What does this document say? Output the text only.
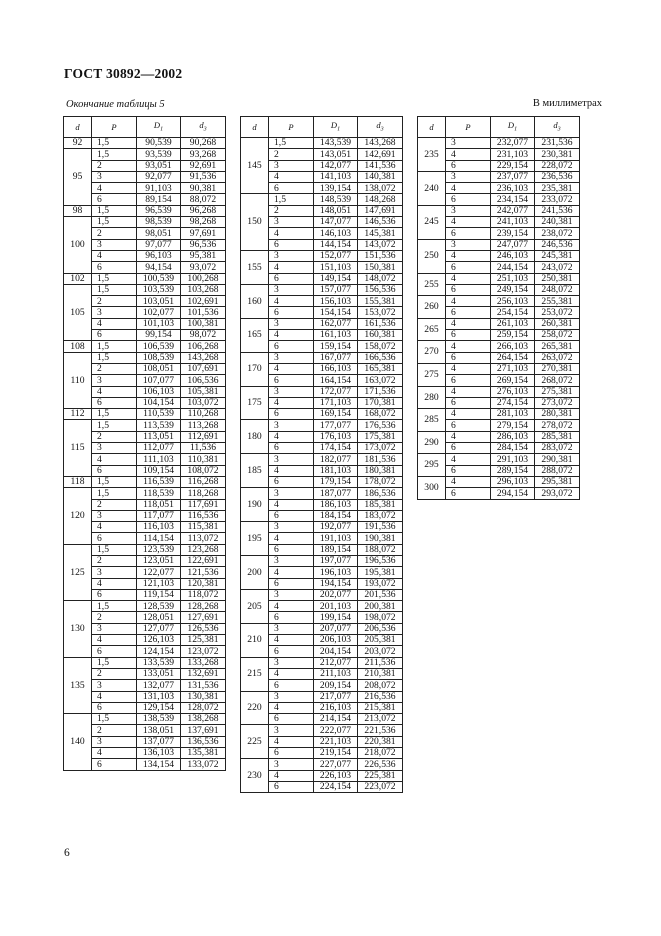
ГОСТ 30892—2002
Окончание таблицы 5	В миллиметрах
d	P	$D_1$	$d_3$
92	1,5	90,539	90,268
95	1,5	93,539	93,268
	2	93,051	92,691
	3	92,077	91,536
	4	91,103	90,381
	6	89,154	88,072
98	1,5	96,539	96,268
100	1,5	98,539	98,268
	2	98,051	97,691
	3	97,077	96,536
	4	96,103	95,381
	6	94,154	93,072
102	1,5	100,539	100,268
105	1,5	103,539	103,268
	2	103,051	102,691
	3	102,077	101,536
	4	101,103	100,381
	6	99,154	98,072
108	1,5	106,539	106,268
110	1,5	108,539	143,268
	2	108,051	107,691
	3	107,077	106,536
	4	106,103	105,381
	6	104,154	103,072
112	1,5	110,539	110,268
115	1,5	113,539	113,268
	2	113,051	112,691
	3	112,077	11,536
	4	111,103	110,381
	6	109,154	108,072
118	1,5	116,539	116,268
120	1,5	118,539	118,268
	2	118,051	117,691
	3	117,077	116,536
	4	116,103	115,381
	6	114,154	113,072
125	1,5	123,539	123,268
	2	123,051	122,691
	3	122,077	121,536
	4	121,103	120,381
	6	119,154	118,072
130	1,5	128,539	128,268
	2	128,051	127,691
	3	127,077	126,536
	4	126,103	125,381
	6	124,154	123,072
135	1,5	133,539	133,268
	2	133,051	132,691
	3	132,077	131,536
	4	131,103	130,381
	6	129,154	128,072
140	1,5	138,539	138,268
	2	138,051	137,691
	3	137,077	136,536
	4	136,103	135,381
	6	134,154	133,072
d	P	$D_1$	$d_3$
145	1,5	143,539	143,268
	2	143,051	142,691
	3	142,077	141,536
	4	141,103	140,381
	6	139,154	138,072
150	1,5	148,539	148,268
	2	148,051	147,691
	3	147,077	146,536
	4	146,103	145,381
	6	144,154	143,072
155	3	152,077	151,536
	4	151,103	150,381
	6	149,154	148,072
160	3	157,077	156,536
	4	156,103	155,381
	6	154,154	153,072
165	3	162,077	161,536
	4	161,103	160,381
	6	159,154	158,072
170	3	167,077	166,536
	4	166,103	165,381
	6	164,154	163,072
175	3	172,077	171,536
	4	171,103	170,381
	6	169,154	168,072
180	3	177,077	176,536
	4	176,103	175,381
	6	174,154	173,072
185	3	182,077	181,536
	4	181,103	180,381
	6	179,154	178,072
190	3	187,077	186,536
	4	186,103	185,381
	6	184,154	183,072
195	3	192,077	191,536
	4	191,103	190,381
	6	189,154	188,072
200	3	197,077	196,536
	4	196,103	195,381
	6	194,154	193,072
205	3	202,077	201,536
	4	201,103	200,381
	6	199,154	198,072
210	3	207,077	206,536
	4	206,103	205,381
	6	204,154	203,072
215	3	212,077	211,536
	4	211,103	210,381
	6	209,154	208,072
220	3	217,077	216,536
	4	216,103	215,381
	6	214,154	213,072
225	3	222,077	221,536
	4	221,103	220,381
	6	219,154	218,072
230	3	227,077	226,536
	4	226,103	225,381
	6	224,154	223,072
d	P	$D_1$	$d_3$
235	3	232,077	231,536
	4	231,103	230,381
	6	229,154	228,072
240	3	237,077	236,536
	4	236,103	235,381
	6	234,154	233,072
245	3	242,077	241,536
	4	241,103	240,381
	6	239,154	238,072
250	3	247,077	246,536
	4	246,103	245,381
	6	244,154	243,072
255	4	251,103	250,381
	6	249,154	248,072
260	4	256,103	255,381
	6	254,154	253,072
265	4	261,103	260,381
	6	259,154	258,072
270	4	266,103	265,381
	6	264,154	263,072
275	4	271,103	270,381
	6	269,154	268,072
280	4	276,103	275,381
	6	274,154	273,072
285	4	281,103	280,381
	6	279,154	278,072
290	4	286,103	285,381
	6	284,154	283,072
295	4	291,103	290,381
	6	289,154	288,072
300	4	296,103	295,381
	6	294,154	293,072
6
